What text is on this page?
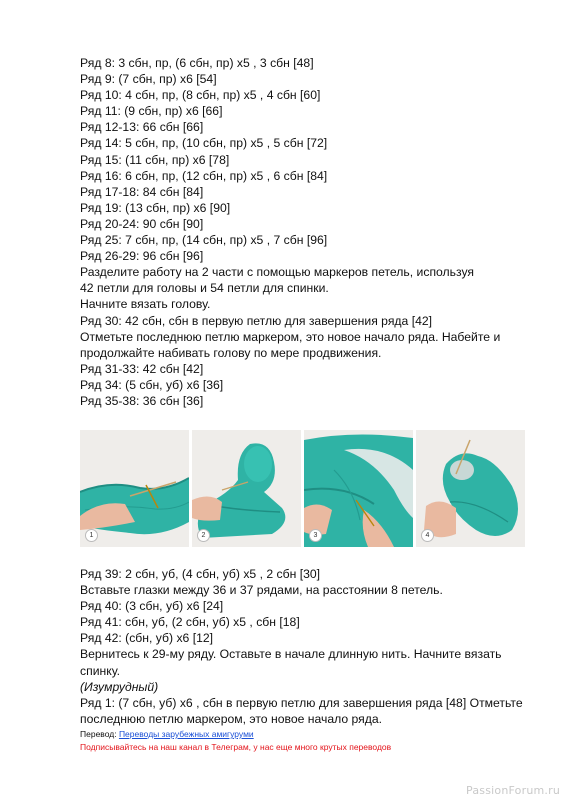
Ряд 8: 3 сбн, пр, (6 сбн, пр) х5 , 3 сбн [48]
Ряд 9: (7 сбн, пр) х6 [54]
Ряд 10: 4 сбн, пр, (8 сбн, пр) х5 , 4 сбн [60]
Ряд 11: (9 сбн, пр) х6 [66]
Ряд 12-13: 66 сбн [66]
Ряд 14: 5 сбн, пр, (10 сбн, пр) х5 , 5 сбн [72]
Ряд 15: (11 сбн, пр) х6 [78]
Ряд 16: 6 сбн, пр, (12 сбн, пр) х5 , 6 сбн [84]
Ряд 17-18: 84 сбн [84]
Ряд 19: (13 сбн, пр) х6 [90]
Ряд 20-24: 90 сбн [90]
Ряд 25: 7 сбн, пр, (14 сбн, пр) х5 , 7 сбн [96]
Ряд 26-29: 96 сбн [96]
Разделите работу на 2 части с помощью маркеров петель, используя
42 петли для головы и 54 петли для спинки.
Начните вязать голову.
Ряд 30: 42 сбн, сбн в первую петлю для завершения ряда [42]
Отметьте последнюю петлю маркером, это новое начало ряда. Набейте и
продолжайте набивать голову по мере продвижения.
Ряд 31-33: 42 сбн [42]
Ряд 34: (5 сбн, уб) х6 [36]
Ряд 35-38: 36 сбн [36]
1	2	3	4
Ряд 39: 2 сбн, уб, (4 сбн, уб) х5 , 2 сбн [30]
Вставьте глазки между 36 и 37 рядами, на расстоянии 8 петель.
Ряд 40: (3 сбн, уб) х6 [24]
Ряд 41: сбн, уб, (2 сбн, уб) х5 , сбн [18]
Ряд 42: (сбн, уб) х6 [12]
Вернитесь к 29-му ряду. Оставьте в начале длинную нить. Начните вязать
спинку.
(Изумрудный)
Ряд 1: (7 сбн, уб) х6 , сбн в первую петлю для завершения ряда [48] Отметьте
последнюю петлю маркером, это новое начало ряда.
Перевод: Переводы зарубежных амигуруми
Подписывайтесь на наш канал в Телеграм, у нас еще много крутых переводов
PassionForum.ru
